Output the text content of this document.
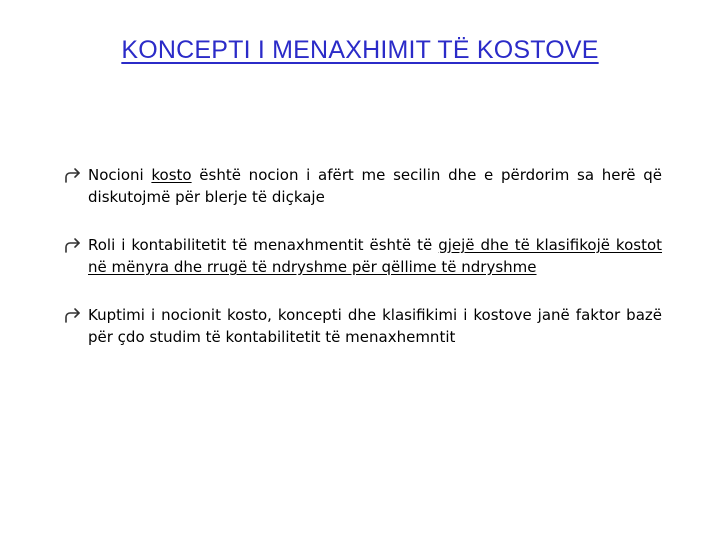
KONCEPTI I MENAXHIMIT TË KOSTOVE
Nocioni kosto është nocion i afërt me secilin dhe e përdorim sa herë që diskutojmë për blerje të diçkaje
Roli i kontabilitetit të menaxhmentit është të gjejë dhe të klasifikojë kostot në mënyra dhe rrugë të ndryshme për qëllime të ndryshme
Kuptimi i nocionit kosto, koncepti dhe klasifikimi i kostove janë faktor bazë për çdo studim të kontabilitetit të menaxhemntit
